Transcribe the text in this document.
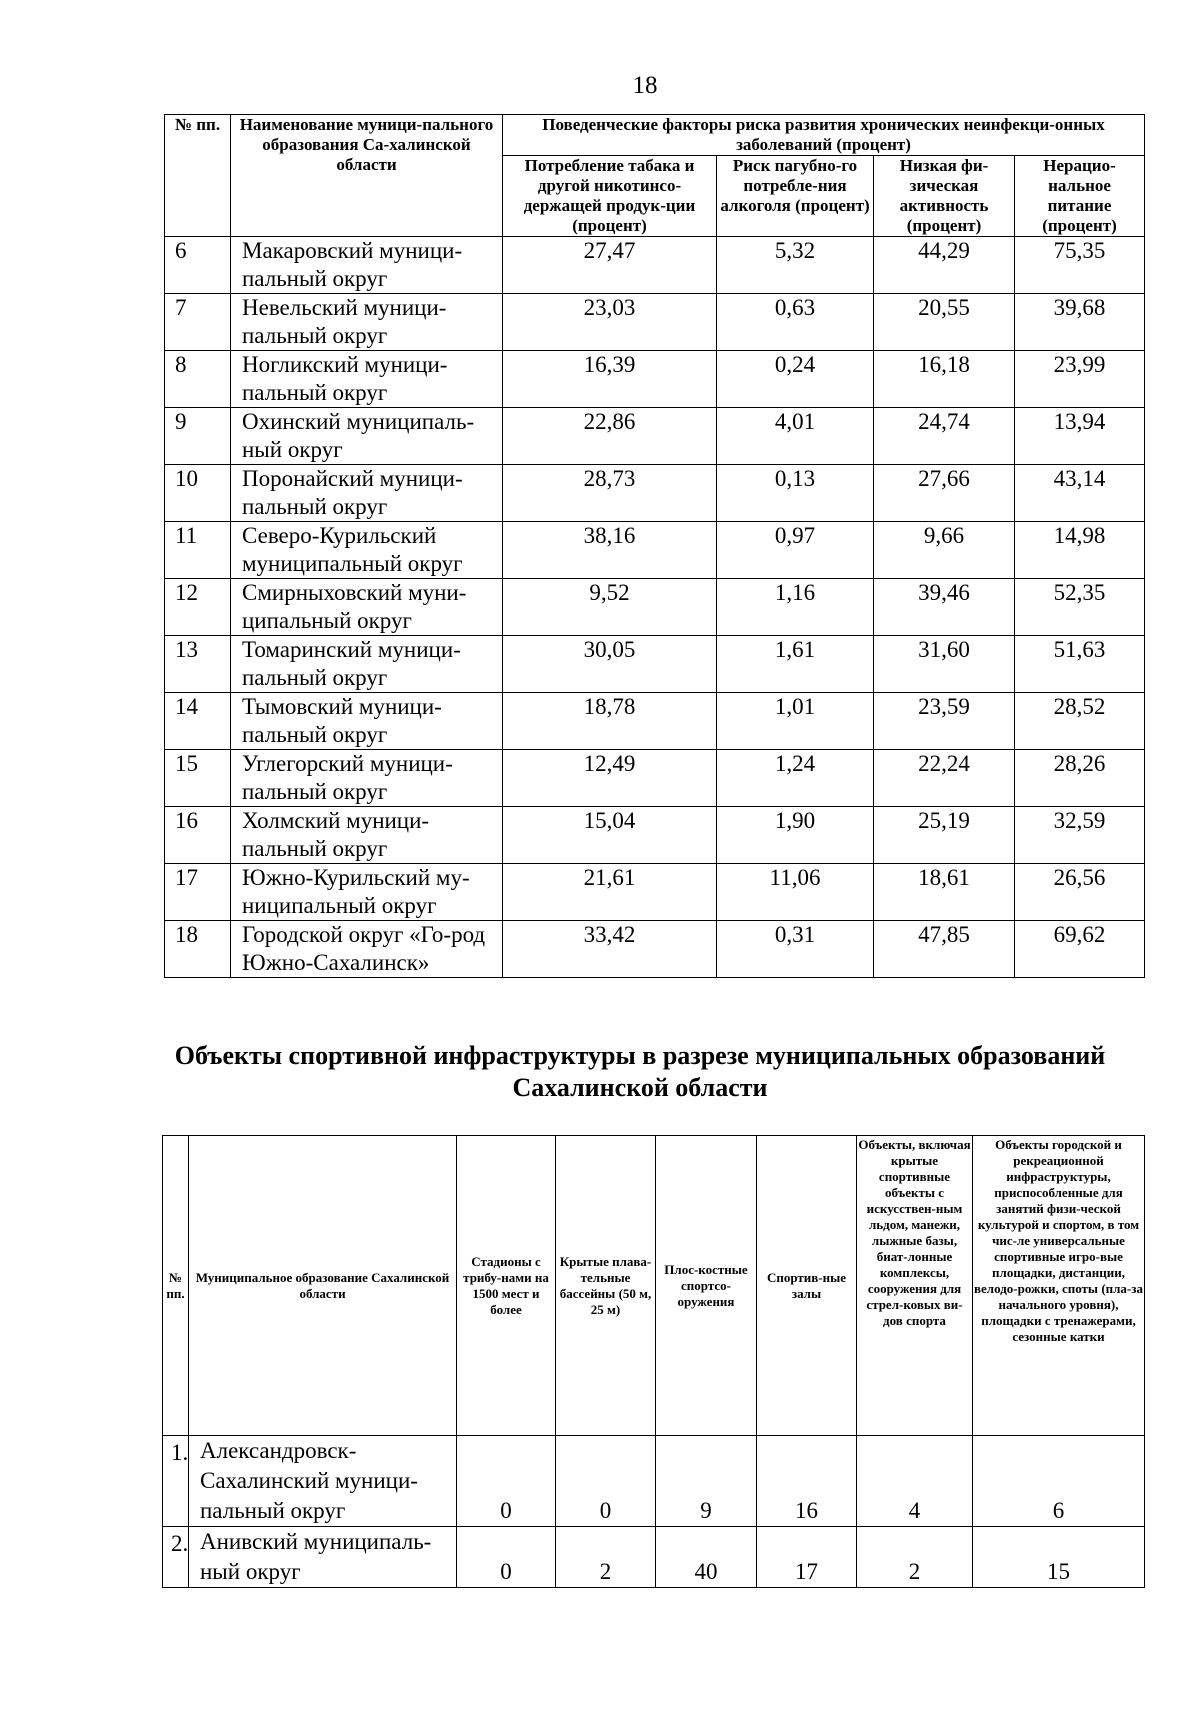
18
№ пп.	Наименование муници-пального образования Са-халинской области	Поведенческие факторы риска развития хронических неинфекци-онных заболеваний (процент)			
		Потребление табака и другой никотинсо-держащей продук-ции (процент)	Риск пагубно-го потребле-ния алкоголя (процент)	Низкая фи-зическая активность (процент)	Нерацио-нальное питание (процент)
6	Макаровский муници-пальный округ	27,47	5,32	44,29	75,35
7	Невельский муници-пальный округ	23,03	0,63	20,55	39,68
8	Ногликский муници-пальный округ	16,39	0,24	16,18	23,99
9	Охинский муниципаль-ный округ	22,86	4,01	24,74	13,94
10	Поронайский муници-пальный округ	28,73	0,13	27,66	43,14
11	Северо-Курильский муниципальный округ	38,16	0,97	9,66	14,98
12	Смирныховский муни-ципальный округ	9,52	1,16	39,46	52,35
13	Томаринский муници-пальный округ	30,05	1,61	31,60	51,63
14	Тымовский муници-пальный округ	18,78	1,01	23,59	28,52
15	Углегорский муници-пальный округ	12,49	1,24	22,24	28,26
16	Холмский муници-пальный округ	15,04	1,90	25,19	32,59
17	Южно-Курильский му-ниципальный округ	21,61	11,06	18,61	26,56
18	Городской округ «Го-род Южно-Сахалинск»	33,42	0,31	47,85	69,62
Объекты спортивной инфраструктуры в разрезе муниципальных образований Сахалинской области
№ пп.	Муниципальное образование Сахалинской области	Стадионы с трибу-нами на 1500 мест и более	Крытые плава-тельные бассейны (50 м, 25 м)	Плос-костные спортсо-оружения	Спортив-ные залы	Объекты, включая крытые спортивные объекты с искусствен-ным льдом, манежи, лыжные базы, биат-лонные комплексы, сооружения для стрел-ковых ви-дов спорта	Объекты городской и рекреационной инфраструктуры, приспособленные для занятий физи-ческой культурой и спортом, в том чис-ле универсальные спортивные игро-вые площадки, дистанции, велодо-рожки, споты (пла-за начального уровня), площадки с тренажерами, сезонные катки
1.	Александровск-Сахалинский муници-пальный округ	0	0	9	16	4	6
2.	Анивский муниципаль-ный округ	0	2	40	17	2	15
